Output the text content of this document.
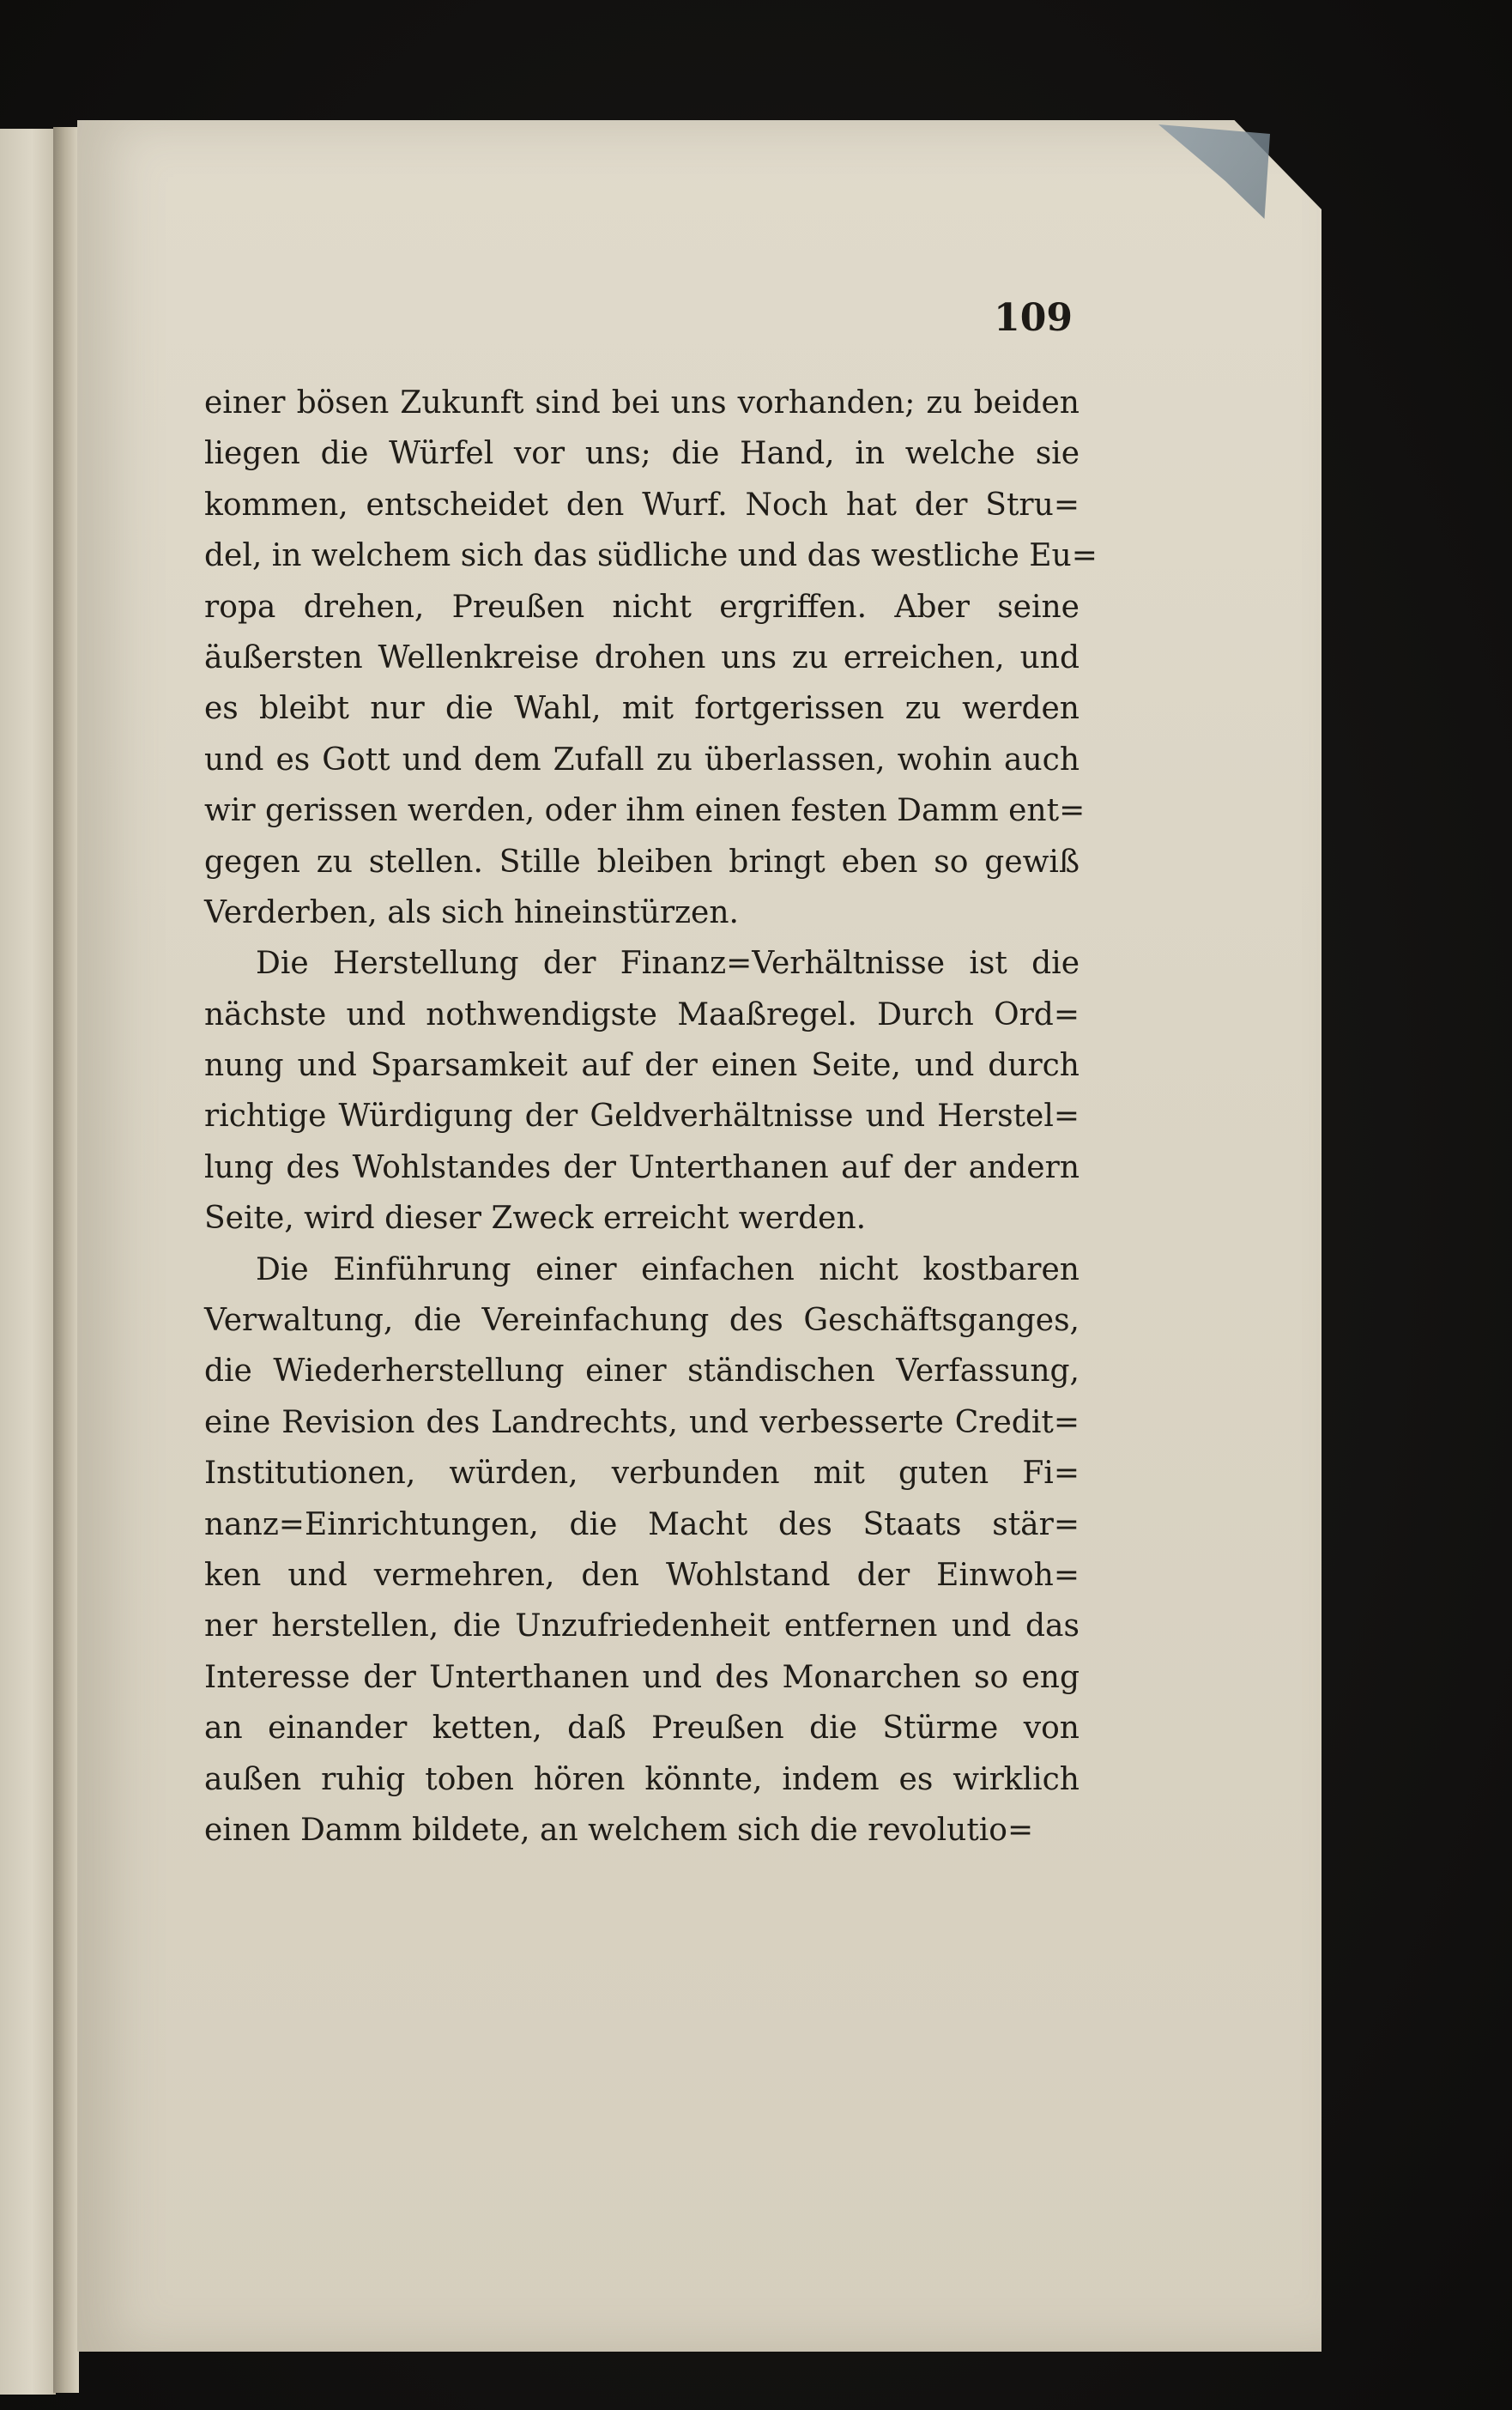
109
einer bösen Zukunft sind bei uns vorhanden; zu beiden
liegen die Würfel vor uns; die Hand, in welche sie
kommen, entscheidet den Wurf. Noch hat der Stru=
del, in welchem sich das südliche und das westliche Eu=
ropa drehen, Preußen nicht ergriffen. Aber seine
äußersten Wellenkreise drohen uns zu erreichen, und
es bleibt nur die Wahl, mit fortgerissen zu werden
und es Gott und dem Zufall zu überlassen, wohin auch
wir gerissen werden, oder ihm einen festen Damm ent=
gegen zu stellen. Stille bleiben bringt eben so gewiß
Verderben, als sich hineinstürzen.
Die Herstellung der Finanz=Verhältnisse ist die
nächste und nothwendigste Maaßregel. Durch Ord=
nung und Sparsamkeit auf der einen Seite, und durch
richtige Würdigung der Geldverhältnisse und Herstel=
lung des Wohlstandes der Unterthanen auf der andern
Seite, wird dieser Zweck erreicht werden.
Die Einführung einer einfachen nicht kostbaren
Verwaltung, die Vereinfachung des Geschäftsganges,
die Wiederherstellung einer ständischen Verfassung,
eine Revision des Landrechts, und verbesserte Credit=
Institutionen, würden, verbunden mit guten Fi=
nanz=Einrichtungen, die Macht des Staats stär=
ken und vermehren, den Wohlstand der Einwoh=
ner herstellen, die Unzufriedenheit entfernen und das
Interesse der Unterthanen und des Monarchen so eng
an einander ketten, daß Preußen die Stürme von
außen ruhig toben hören könnte, indem es wirklich
einen Damm bildete, an welchem sich die revolutio=
